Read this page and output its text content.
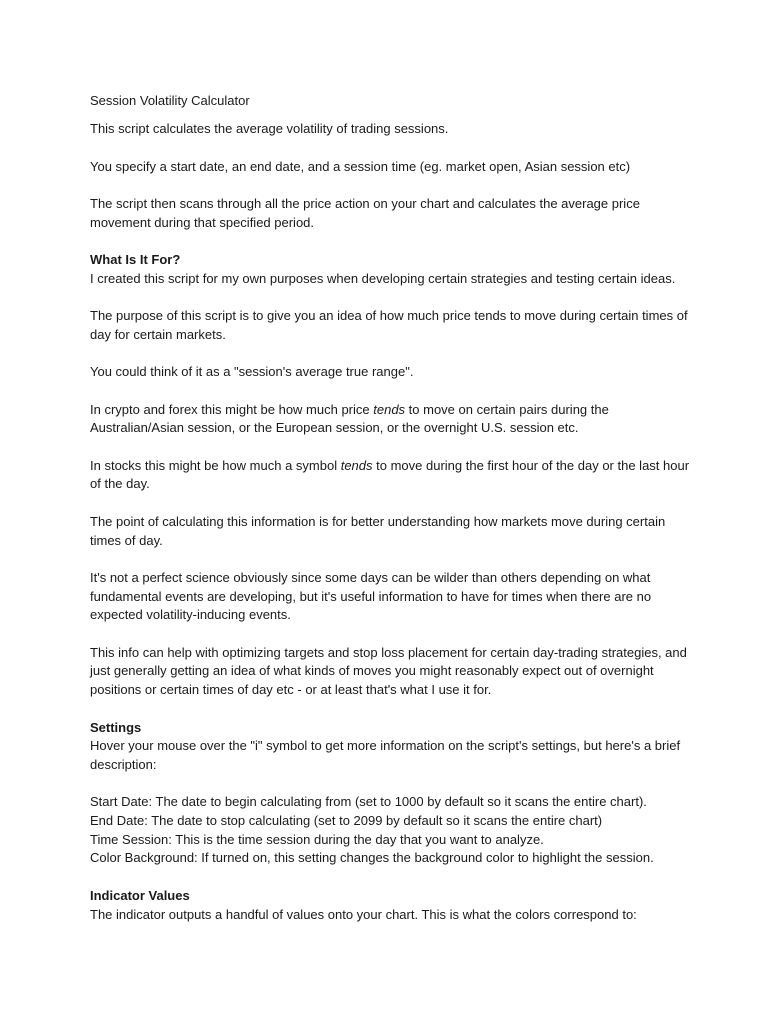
Session Volatility Calculator

This script calculates the average volatility of trading sessions.

You specify a start date, an end date, and a session time (eg. market open, Asian session etc)

The script then scans through all the price action on your chart and calculates the average price movement during that specified period.

What Is It For?

I created this script for my own purposes when developing certain strategies and testing certain ideas.

The purpose of this script is to give you an idea of how much price tends to move during certain times of day for certain markets.

You could think of it as a "session's average true range".

In crypto and forex this might be how much price tends to move on certain pairs during the Australian/Asian session, or the European session, or the overnight U.S. session etc.

In stocks this might be how much a symbol tends to move during the first hour of the day or the last hour of the day.

The point of calculating this information is for better understanding how markets move during certain times of day.

It's not a perfect science obviously since some days can be wilder than others depending on what fundamental events are developing, but it's useful information to have for times when there are no expected volatility-inducing events.

This info can help with optimizing targets and stop loss placement for certain day-trading strategies, and just generally getting an idea of what kinds of moves you might reasonably expect out of overnight positions or certain times of day etc - or at least that's what I use it for.

Settings

Hover your mouse over the "i" symbol to get more information on the script's settings, but here's a brief description:

Start Date: The date to begin calculating from (set to 1000 by default so it scans the entire chart).

End Date: The date to stop calculating (set to 2099 by default so it scans the entire chart)

Time Session: This is the time session during the day that you want to analyze.

Color Background: If turned on, this setting changes the background color to highlight the session.

Indicator Values

The indicator outputs a handful of values onto your chart. This is what the colors correspond to:
